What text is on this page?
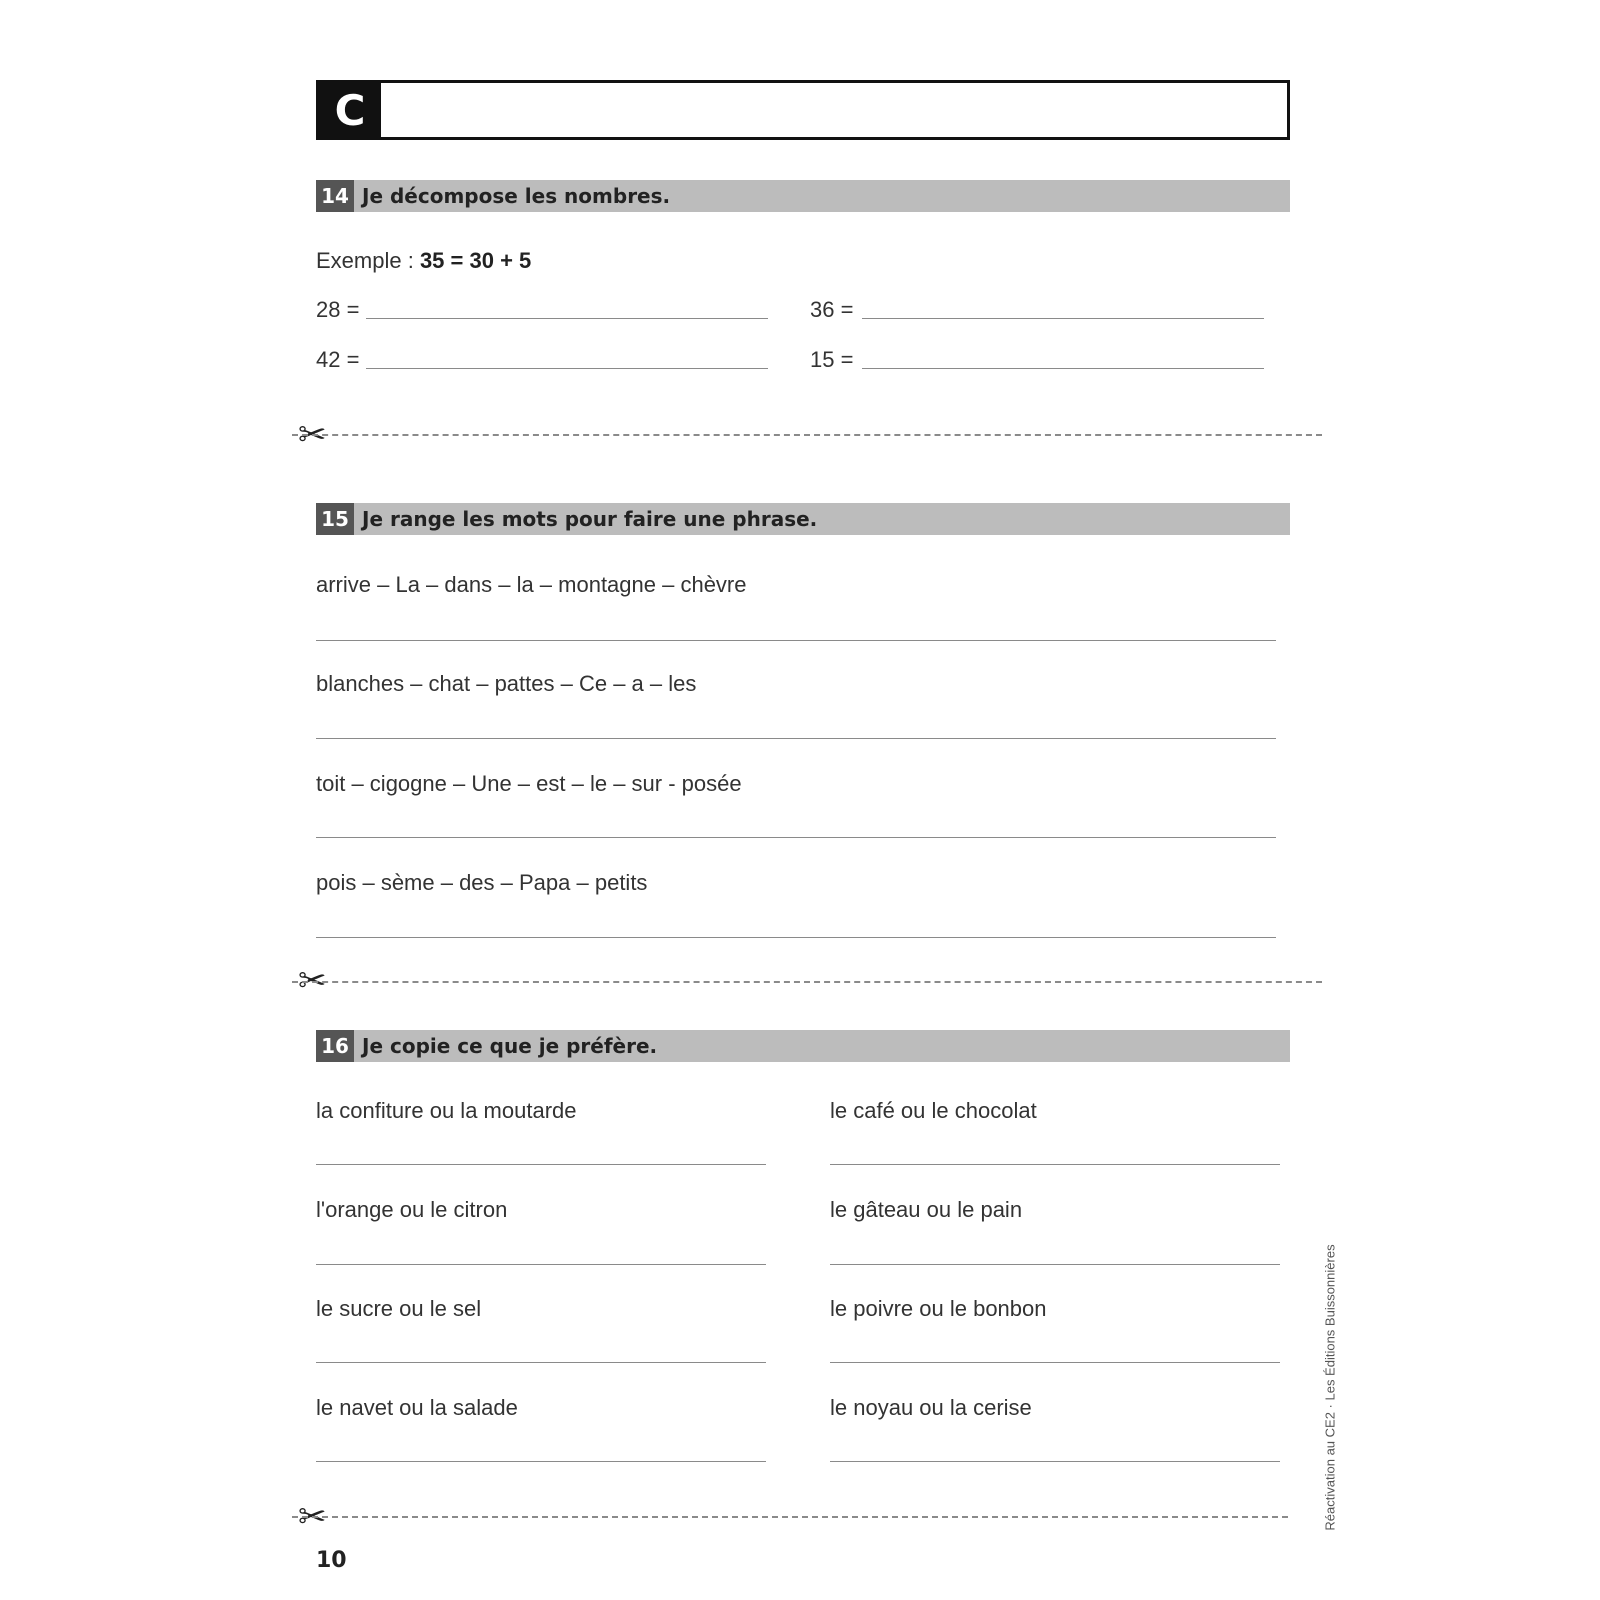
C
14 Je décompose les nombres.
Exemple : 35 = 30 + 5
28 =	36 =
42 =	15 =
✂
15 Je range les mots pour faire une phrase.
arrive – La – dans – la – montagne – chèvre
blanches – chat – pattes – Ce – a – les
toit – cigogne – Une – est – le – sur - posée
pois – sème – des – Papa – petits
✂
16 Je copie ce que je préfère.
la confiture ou la moutarde	le café ou le chocolat
l'orange ou le citron	le gâteau ou le pain
le sucre ou le sel	le poivre ou le bonbon
le navet ou la salade	le noyau ou la cerise
✂
10
Réactivation au CE2 · Les Éditions Buissonnières
